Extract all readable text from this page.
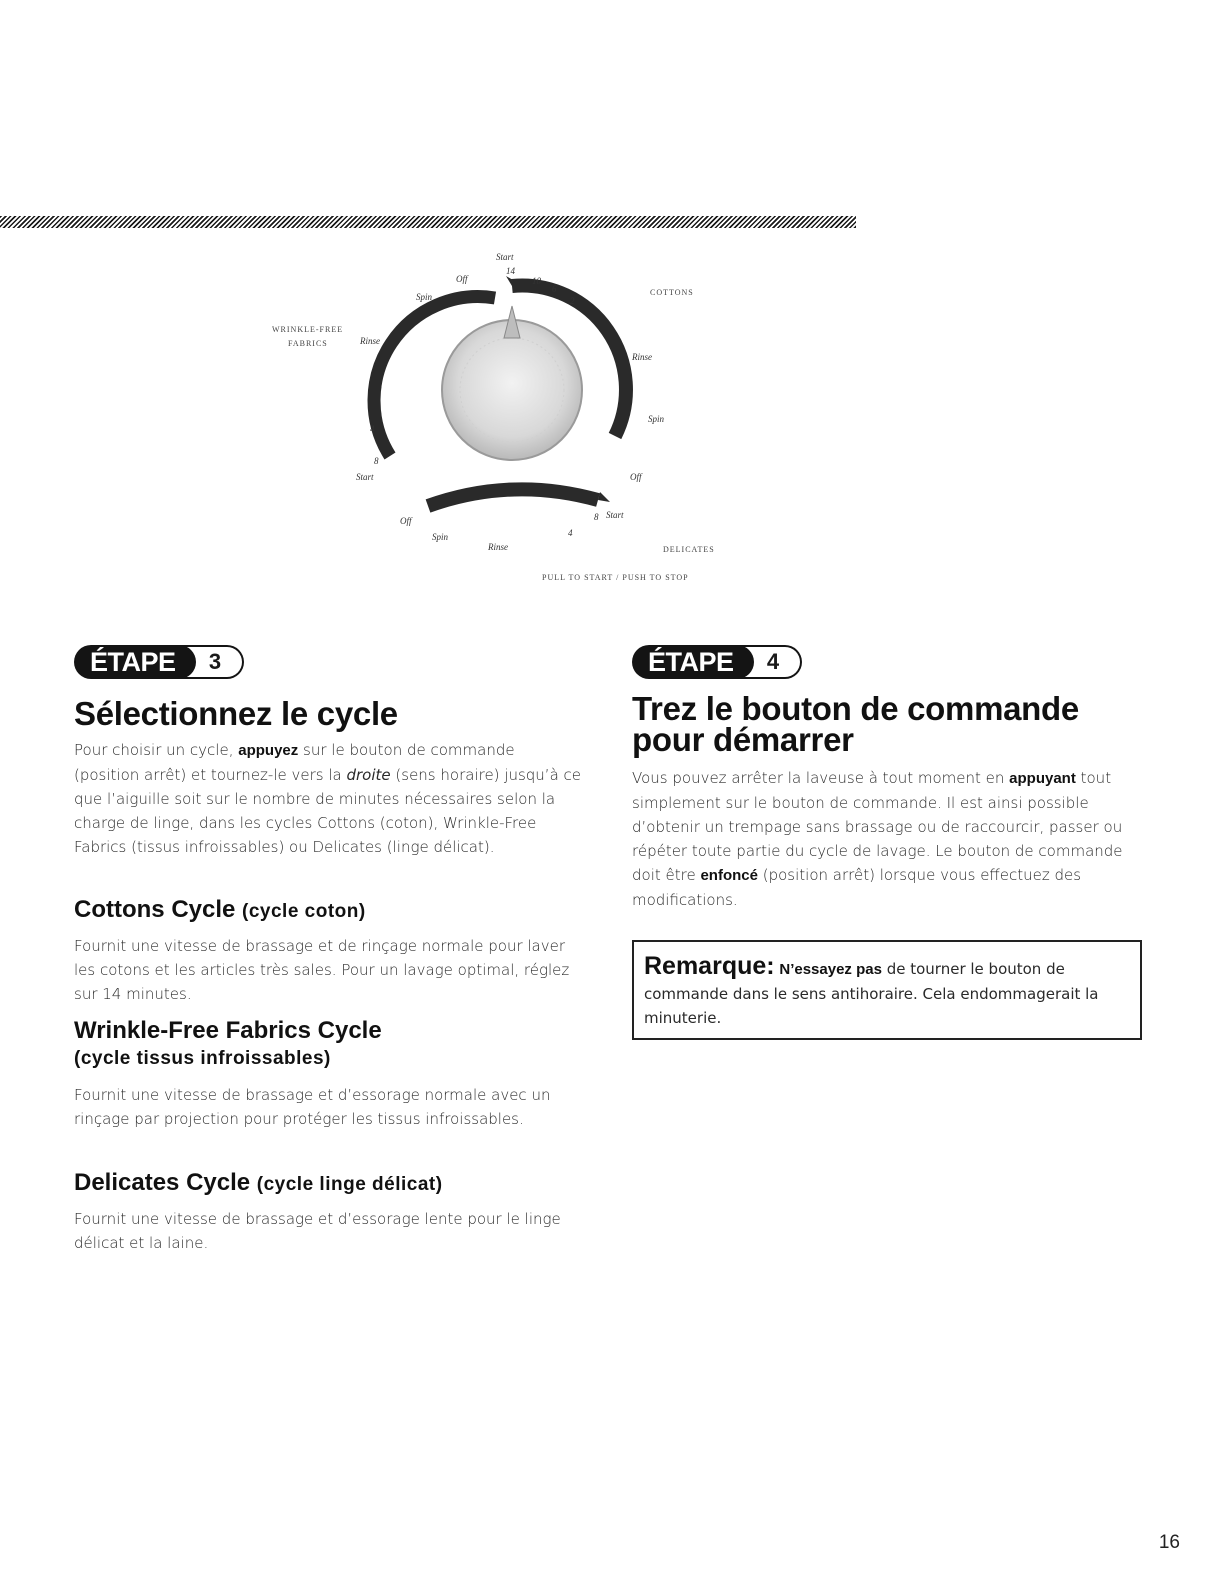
WRINKLE-FREE
FABRICS
COTTONS
DELICATES
PULL TO START / PUSH TO STOP
Start
14
10
6
2
Off
Spin
Rinse
4
8
Start
Rinse
Spin
Off
Off
Spin
Rinse
4
8 Start
ÉTAPE	3
Sélectionnez le cycle

Pour choisir un cycle, appuyez sur le bouton de commande (position arrêt) et tournez-le vers la droite (sens horaire) jusqu’à ce que l’aiguille soit sur le nombre de minutes nécessaires selon la charge de linge, dans les cycles Cottons (coton), Wrinkle-Free Fabrics (tissus infroissables) ou Delicates (linge délicat).

Cottons Cycle (cycle coton)

Fournit une vitesse de brassage et de rinçage normale pour laver les cotons et les articles très sales. Pour un lavage optimal, réglez sur 14 minutes.

Wrinkle-Free Fabrics Cycle
(cycle tissus infroissables)

Fournit une vitesse de brassage et d’essorage normale avec un rinçage par projection pour protéger les tissus infroissables.

Delicates Cycle (cycle linge délicat)

Fournit une vitesse de brassage et d’essorage lente pour le linge délicat et la laine.

ÉTAPE	4
Trez le bouton de commande
pour démarrer

Vous pouvez arrêter la laveuse à tout moment en appuyant tout simplement sur le bouton de commande. Il est ainsi possible d’obtenir un trempage sans brassage ou de raccourcir, passer ou répéter toute partie du cycle de lavage. Le bouton de commande doit être enfoncé (position arrêt) lorsque vous effectuez des modifications.

Remarque: N’essayez pas de tourner le bouton de commande dans le sens antihoraire. Cela endommagerait la minuterie.
16
